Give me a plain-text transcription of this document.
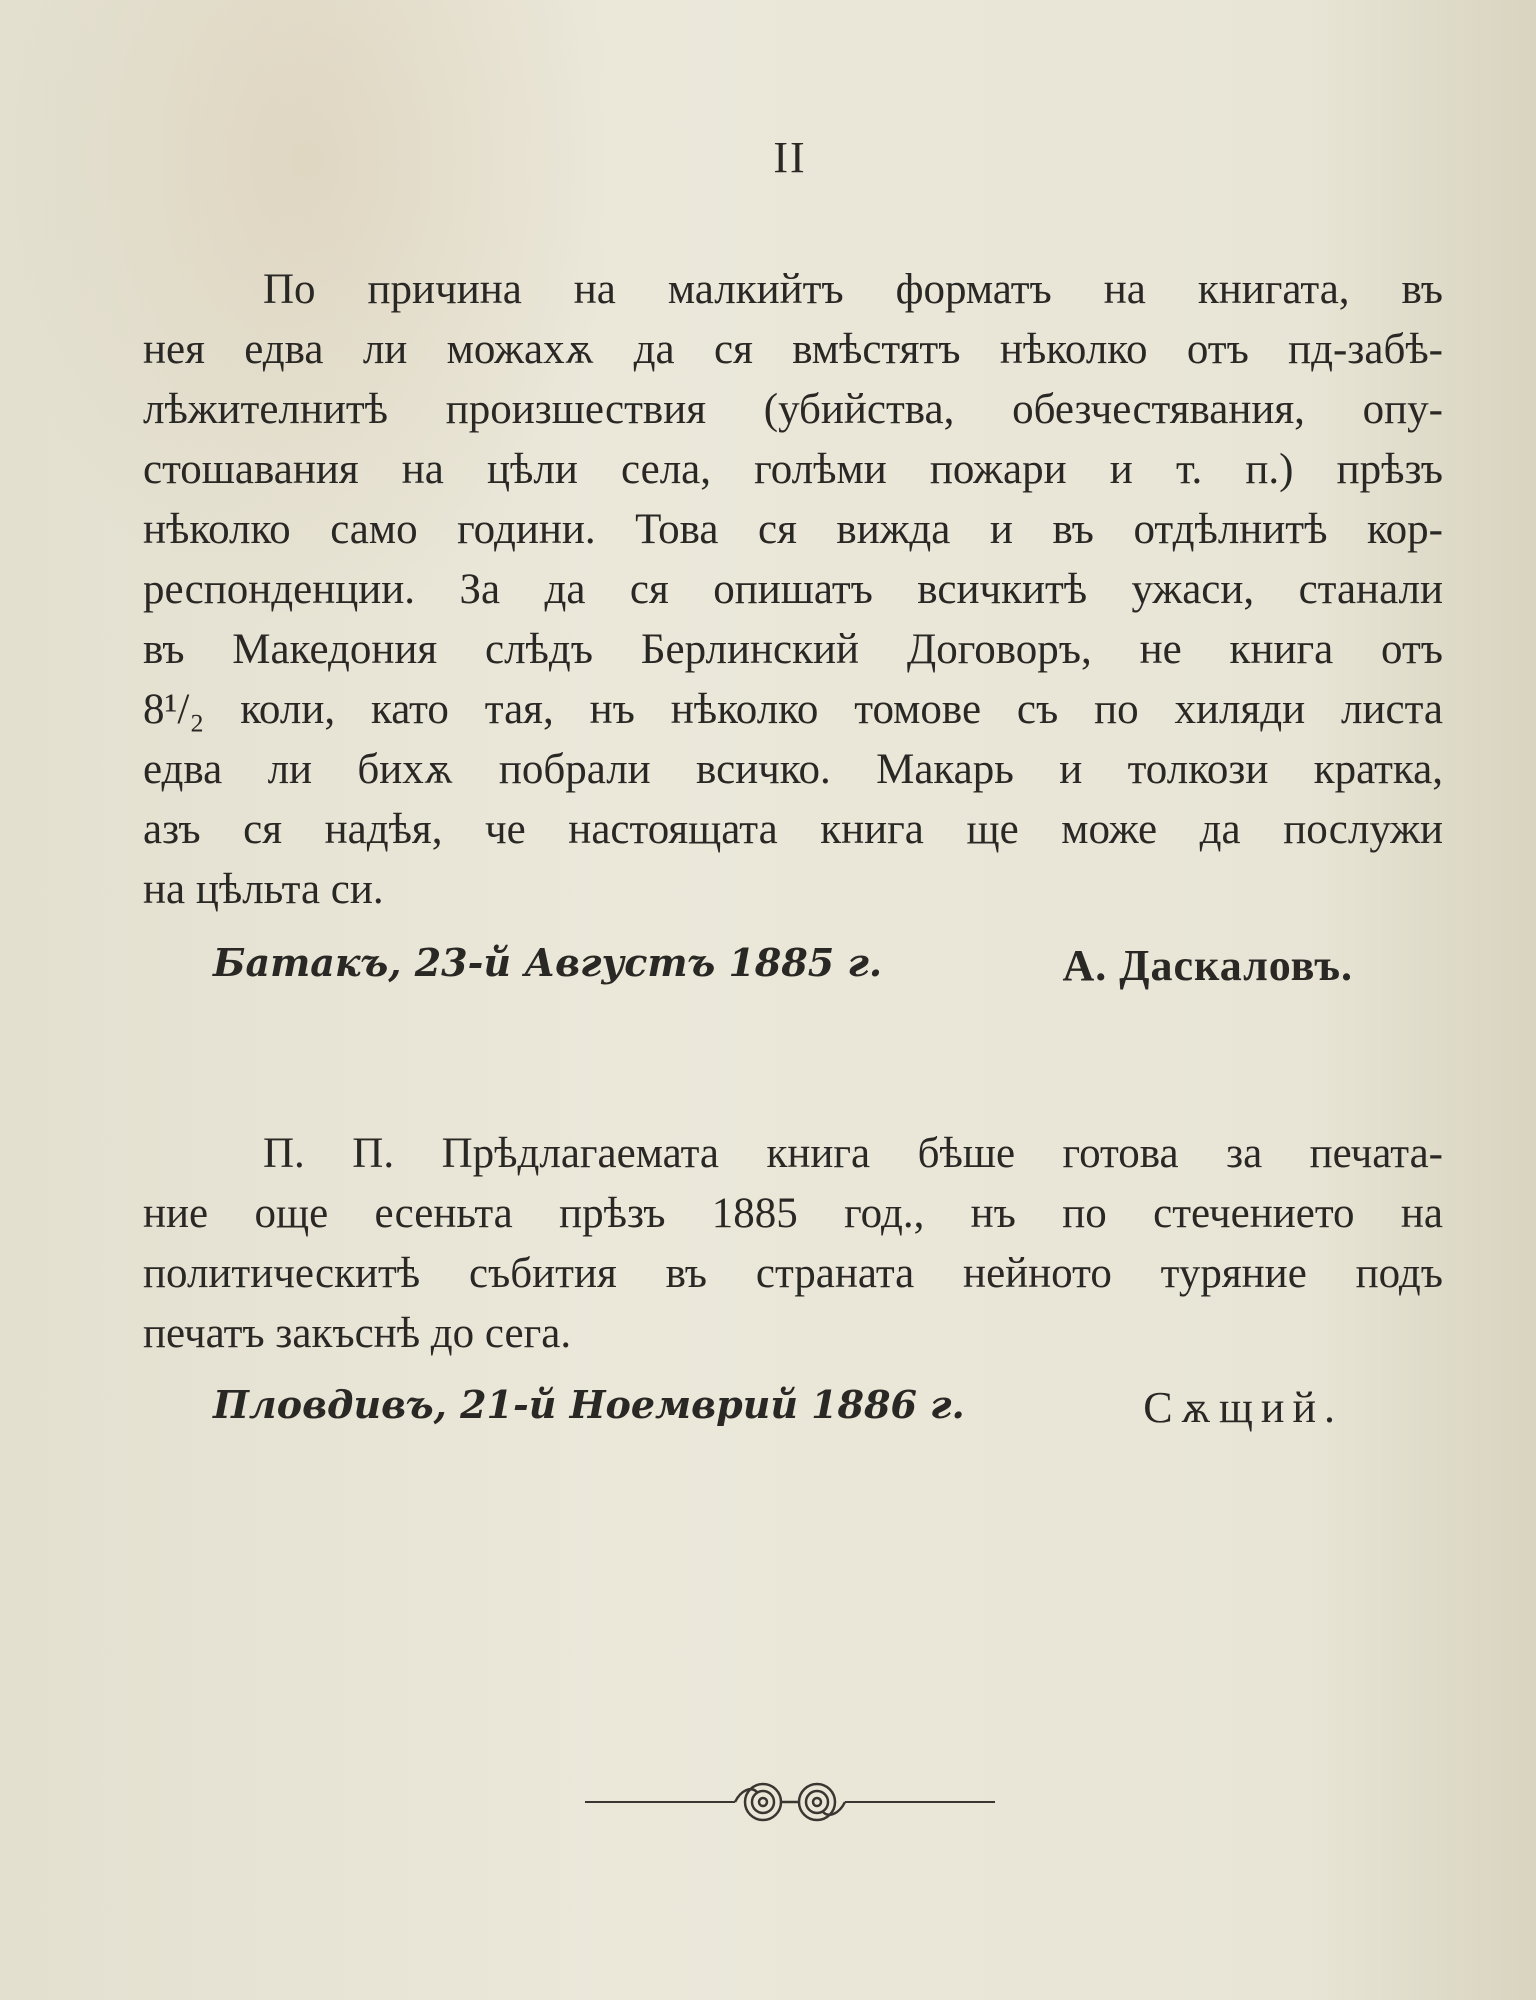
II
По причина на малкийтъ форматъ на книгата, въ
нея едва ли можахѫ да ся вмѣстятъ нѣколко отъ пд-забѣ-
лѣжителнитѣ произшествия (убийства, обезчестявания, опу-
стошавания на цѣли села, голѣми пожари и т. п.) прѣзъ
нѣколко само години. Това ся вижда и въ отдѣлнитѣ кор-
респонденции. За да ся опишатъ всичкитѣ ужаси, станали
въ Македония слѣдъ Берлинский Договоръ, не книга отъ
8¹/₂ коли, като тая, нъ нѣколко томове съ по хиляди листа
едва ли бихѫ побрали всичко. Макарь и толкози кратка,
азъ ся надѣя, че настоящата книга ще може да послужи
на цѣльта си.
Батакъ, 23-й Августъ 1885 г.	А. Даскаловъ.
П. П. Прѣдлагаемата книга бѣше готова за печата-
ние още есеньта прѣзъ 1885 год., нъ по стечението на
политическитѣ събития въ страната нейното туряние подъ
печатъ закъснѣ до сега.
Пловдивъ, 21-й Ноемврий 1886 г.	Сѫщий.
